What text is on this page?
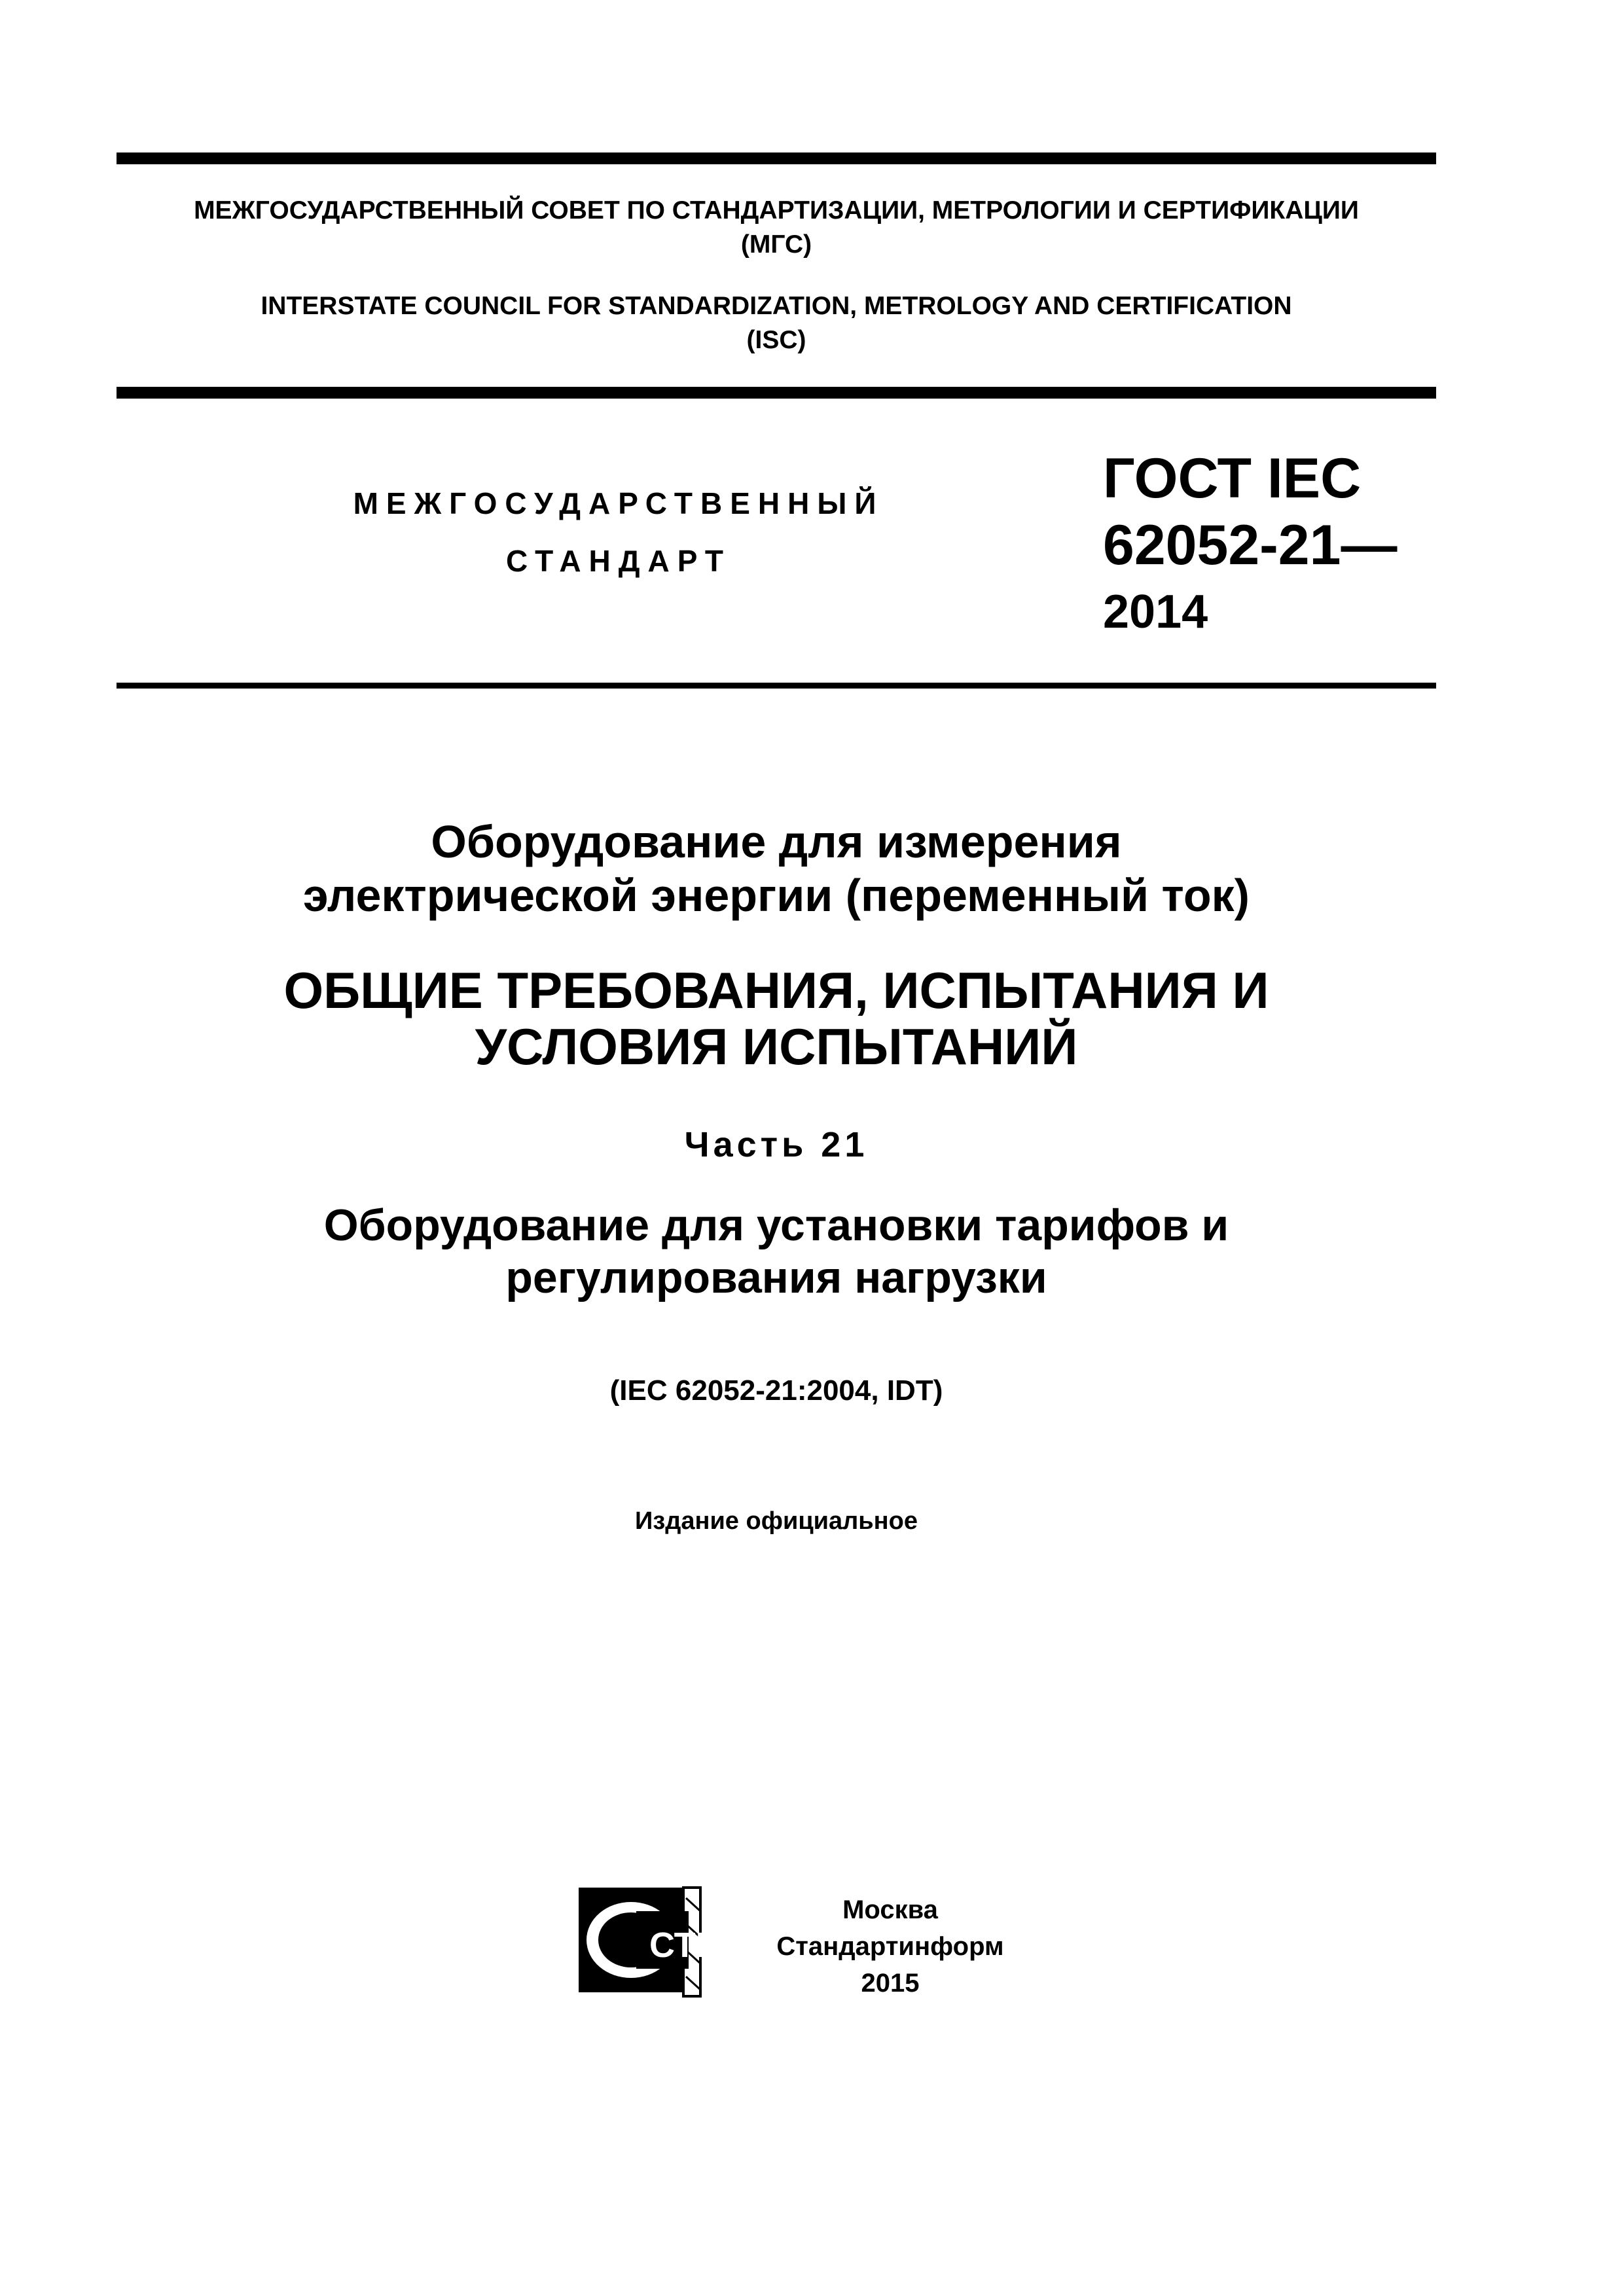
МЕЖГОСУДАРСТВЕННЫЙ СОВЕТ ПО СТАНДАРТИЗАЦИИ, МЕТРОЛОГИИ И СЕРТИФИКАЦИИ

(МГС)

INTERSTATE COUNCIL FOR STANDARDIZATION, METROLOGY AND CERTIFICATION

(ISC)

МЕЖГОСУДАРСТВЕННЫЙ
СТАНДАРТ
ГОСТ IEC
62052-21—
2014
Оборудование для измерения
электрической энергии (переменный ток)
ОБЩИЕ ТРЕБОВАНИЯ, ИСПЫТАНИЯ И
УСЛОВИЯ ИСПЫТАНИЙ
Часть 21
Оборудование для установки тарифов и
регулирования нагрузки
(IEC 62052-21:2004, IDT)
Издание официальное
СТИ
Москва
Стандартинформ
2015
